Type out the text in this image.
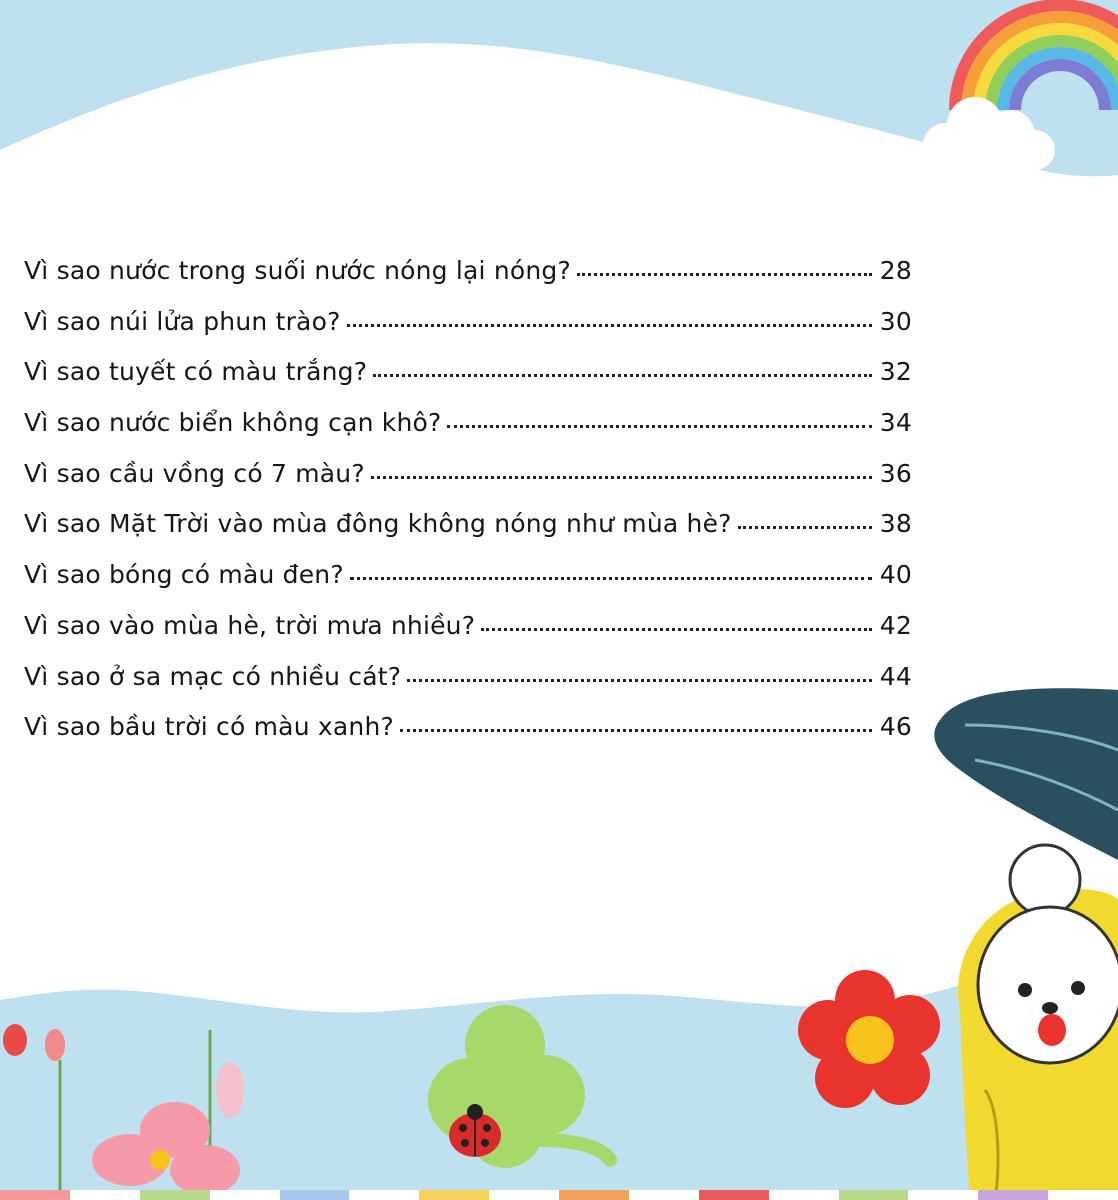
Vì sao nước trong suối nước nóng lại nóng?	28
Vì sao núi lửa phun trào?	30
Vì sao tuyết có màu trắng?	32
Vì sao nước biển không cạn khô?	34
Vì sao cầu vồng có 7 màu?	36
Vì sao Mặt Trời vào mùa đông không nóng như mùa hè?	38
Vì sao bóng có màu đen?	40
Vì sao vào mùa hè, trời mưa nhiều?	42
Vì sao ở sa mạc có nhiều cát?	44
Vì sao bầu trời có màu xanh?	46
